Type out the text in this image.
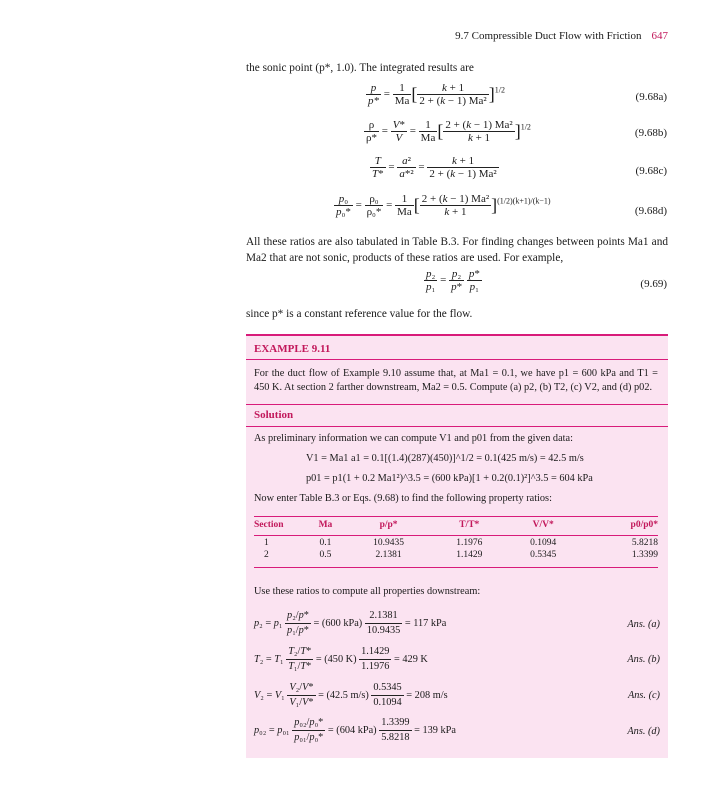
9.7 Compressible Duct Flow with Friction 647
the sonic point (p*, 1.0). The integrated results are
$\frac{p}{p*} = \frac{1}{Ma}$ [ $\frac{k + 1}{\text{2 + (k − 1) Ma²}} ]^{1/2}$
(9.68a)
$\frac{\rho}{\rho*} = \frac{V*}{V} = \frac{1}{Ma}$ [ $\frac{\text{2 + (k − 1) Ma²}}{k + 1} ]^{1/2}$
(9.68b)
$\frac{T}{T*} = \frac{\text{a²}}{\text{a*²}} = \frac{k + 1}{\text{2 + (k − 1) Ma²}}$	(9.68c)
$\frac{\text{p₀}}{\text{p₀*}} = \frac{\text{ρ₀}}{\text{ρ₀*}} = \frac{1}{Ma}$ [ $\frac{\text{2 + (k − 1) Ma²}}{k + 1} ]^{(1/2)(k+1)/(k-1)}$
(9.68d)
All these ratios are also tabulated in Table B.3. For finding changes between points Ma1 and Ma2 that are not sonic, products of these ratios are used. For example,
$\frac{\text{p₂}}{\text{p₁}} = \frac{\text{p₂}}{p*}$
$\frac{p*}{\text{p₁}}$	(9.69)
since p* is a constant reference value for the flow.
EXAMPLE 9.11
For the duct flow of Example 9.10 assume that, at Ma1 = 0.1, we have p1 = 600 kPa and T1 = 450 K. At section 2 farther downstream, Ma2 = 0.5. Compute (a) p2, (b) T2, (c) V2, and (d) p02.
Solution
As preliminary information we can compute V1 and p01 from the given data:
V1 = Ma1 a1 = 0.1[(1.4)(287)(450)]^1/2 = 0.1(425 m/s) = 42.5 m/s
p01 = p1(1 + 0.2 Ma1²)^3.5 = (600 kPa)[1 + 0.2(0.1)²]^3.5 = 604 kPa
Now enter Table B.3 or Eqs. (9.68) to find the following property ratios:
Section	Ma	p/p*	T/T*	V/V*	p0/p0*

1	0.1	10.9435	1.1976	0.1094	5.8218
2	0.5	2.1381	1.1429	0.5345	1.3399
Use these ratios to compute all properties downstream:
$p_2 = p_1 \frac{\text{p₂/p*}}{\text{p₁/p*}} = (600$ $kPa) \frac{2.1381}{10.9435} = 117$ kPa	Ans. (a)
$T_2 = T_1 \frac{\text{T₂/T*}}{\text{T₁/T*}} = (450$ $K) \frac{1.1429}{1.1976} = 429$ K	Ans. (b)
$V_2 = V_1 \frac{\text{V₂/V*}}{\text{V₁/V*}} = (42.5$ $m/s) \frac{0.5345}{0.1094} = 208$ m/s	Ans. (c)
$p_{02} = p_{01} \frac{\text{p₀₂/p₀*}}{\text{p₀₁/p₀*}} = (604$ $kPa) \frac{1.3399}{5.8218} = 139$ kPa	Ans. (d)
